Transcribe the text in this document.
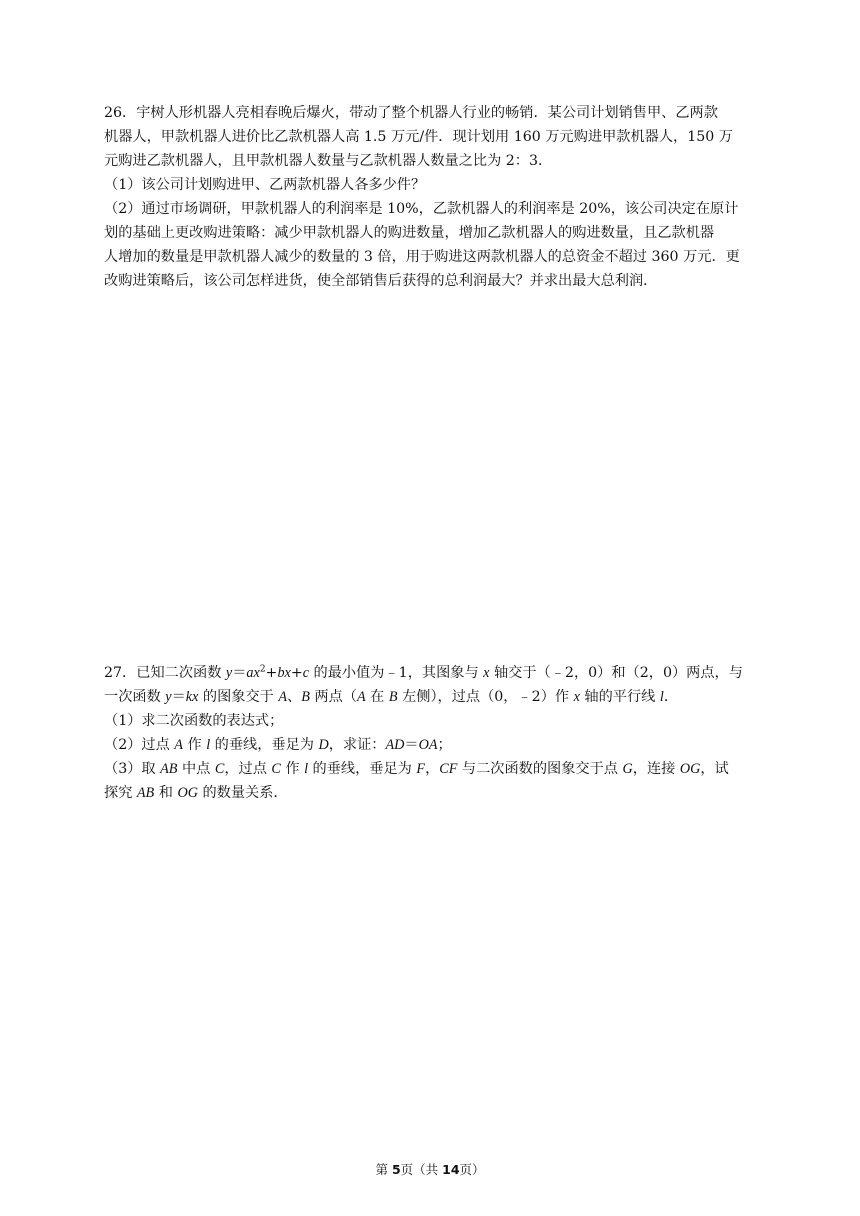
26．宇树人形机器人亮相春晚后爆火，带动了整个机器人行业的畅销．某公司计划销售甲、乙两款

机器人，甲款机器人进价比乙款机器人高 1.5 万元/件．现计划用 160 万元购进甲款机器人，150 万

元购进乙款机器人，且甲款机器人数量与乙款机器人数量之比为 2：3．

（1）该公司计划购进甲、乙两款机器人各多少件？

（2）通过市场调研，甲款机器人的利润率是 10%，乙款机器人的利润率是 20%，该公司决定在原计

划的基础上更改购进策略：减少甲款机器人的购进数量，增加乙款机器人的购进数量，且乙款机器

人增加的数量是甲款机器人减少的数量的 3 倍，用于购进这两款机器人的总资金不超过 360 万元．更

改购进策略后，该公司怎样进货，使全部销售后获得的总利润最大？并求出最大总利润．

27．已知二次函数 $y=ax^2+bx+c$ 的最小值为﹣1，其图象与 x 轴交于（﹣2，0）和（2，0）两点，与
一次函数 y＝kx 的图象交于 A、B 两点（A 在 B 左侧），过点（0，﹣2）作 x 轴的平行线 l．

（1）求二次函数的表达式；

（2）过点 A 作 l 的垂线，垂足为 D，求证：AD＝OA；

（3）取 AB 中点 C，过点 C 作 l 的垂线，垂足为 F，CF 与二次函数的图象交于点 G，连接 OG，试
探究 AB 和 OG 的数量关系．

第 5页（共 14页）
